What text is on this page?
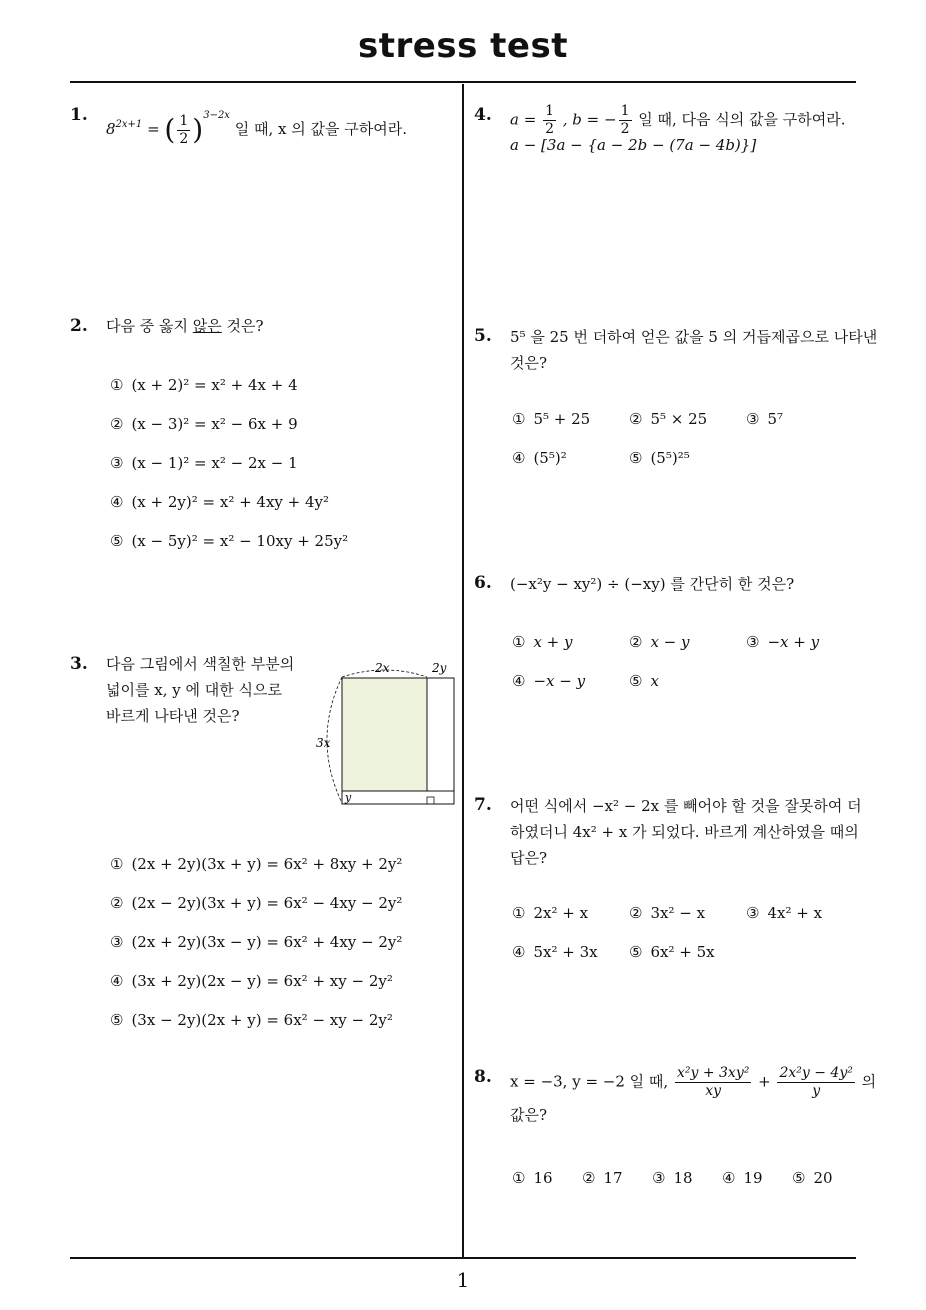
stress test
1
1.
$8^{2x+1}$ = ( $\frac{1}{2} )^{3-2x}$ 일 때, x 의 값을 구하여라.
2. 다음 중 옳지 않은 것은?
① (x + 2)² = x² + 4x + 4
② (x − 3)² = x² − 6x + 9
③ (x − 1)² = x² − 2x − 1
④ (x + 2y)² = x² + 4xy + 4y²
⑤ (x − 5y)² = x² − 10xy + 25y²
3. 다음 그림에서 색칠한 부분의
넓이를 x, y 에 대한 식으로
바르게 나타낸 것은?
2x	2y
3x
y
① (2x + 2y)(3x + y) = 6x² + 8xy + 2y²
② (2x − 2y)(3x + y) = 6x² − 4xy − 2y²
③ (2x + 2y)(3x − y) = 6x² + 4xy − 2y²
④ (3x + 2y)(2x − y) = 6x² + xy − 2y²
⑤ (3x − 2y)(2x + y) = 6x² − xy − 2y²
4. $a = \frac{1}{2}$ , b = − $\frac{1}{2}$ 일 때, 다음 식의 값을 구하여라.
a − [3a − {a − 2b − (7a − 4b)}]
5. 5⁵ 을 25 번 더하여 얻은 값을 5 의 거듭제곱으로 나타낸
것은?
① 5⁵ + 25	② 5⁵ × 25	③ 5⁷
④ (5⁵)²	⑤ (5⁵)²⁵
6. (−x²y − xy²) ÷ (−xy) 를 간단히 한 것은?
① x + y	② x − y	③ −x + y
④ −x − y	⑤ x
7. 어떤 식에서 −x² − 2x 를 빼어야 할 것을 잘못하여 더
하였더니 4x² + x 가 되었다. 바르게 계산하였을 때의
답은?
① 2x² + x	② 3x² − x	③ 4x² + x
④ 5x² + 3x ⑤ 6x² + 5x
8. x = −3, y = −2 일 때, $\frac{\text{x²y + 3xy²}}{xy} + \frac{\text{2x²y − 4y²}}{y}$ 의
값은?
① 16 ② 17 ③ 18 ④ 19 ⑤ 20
